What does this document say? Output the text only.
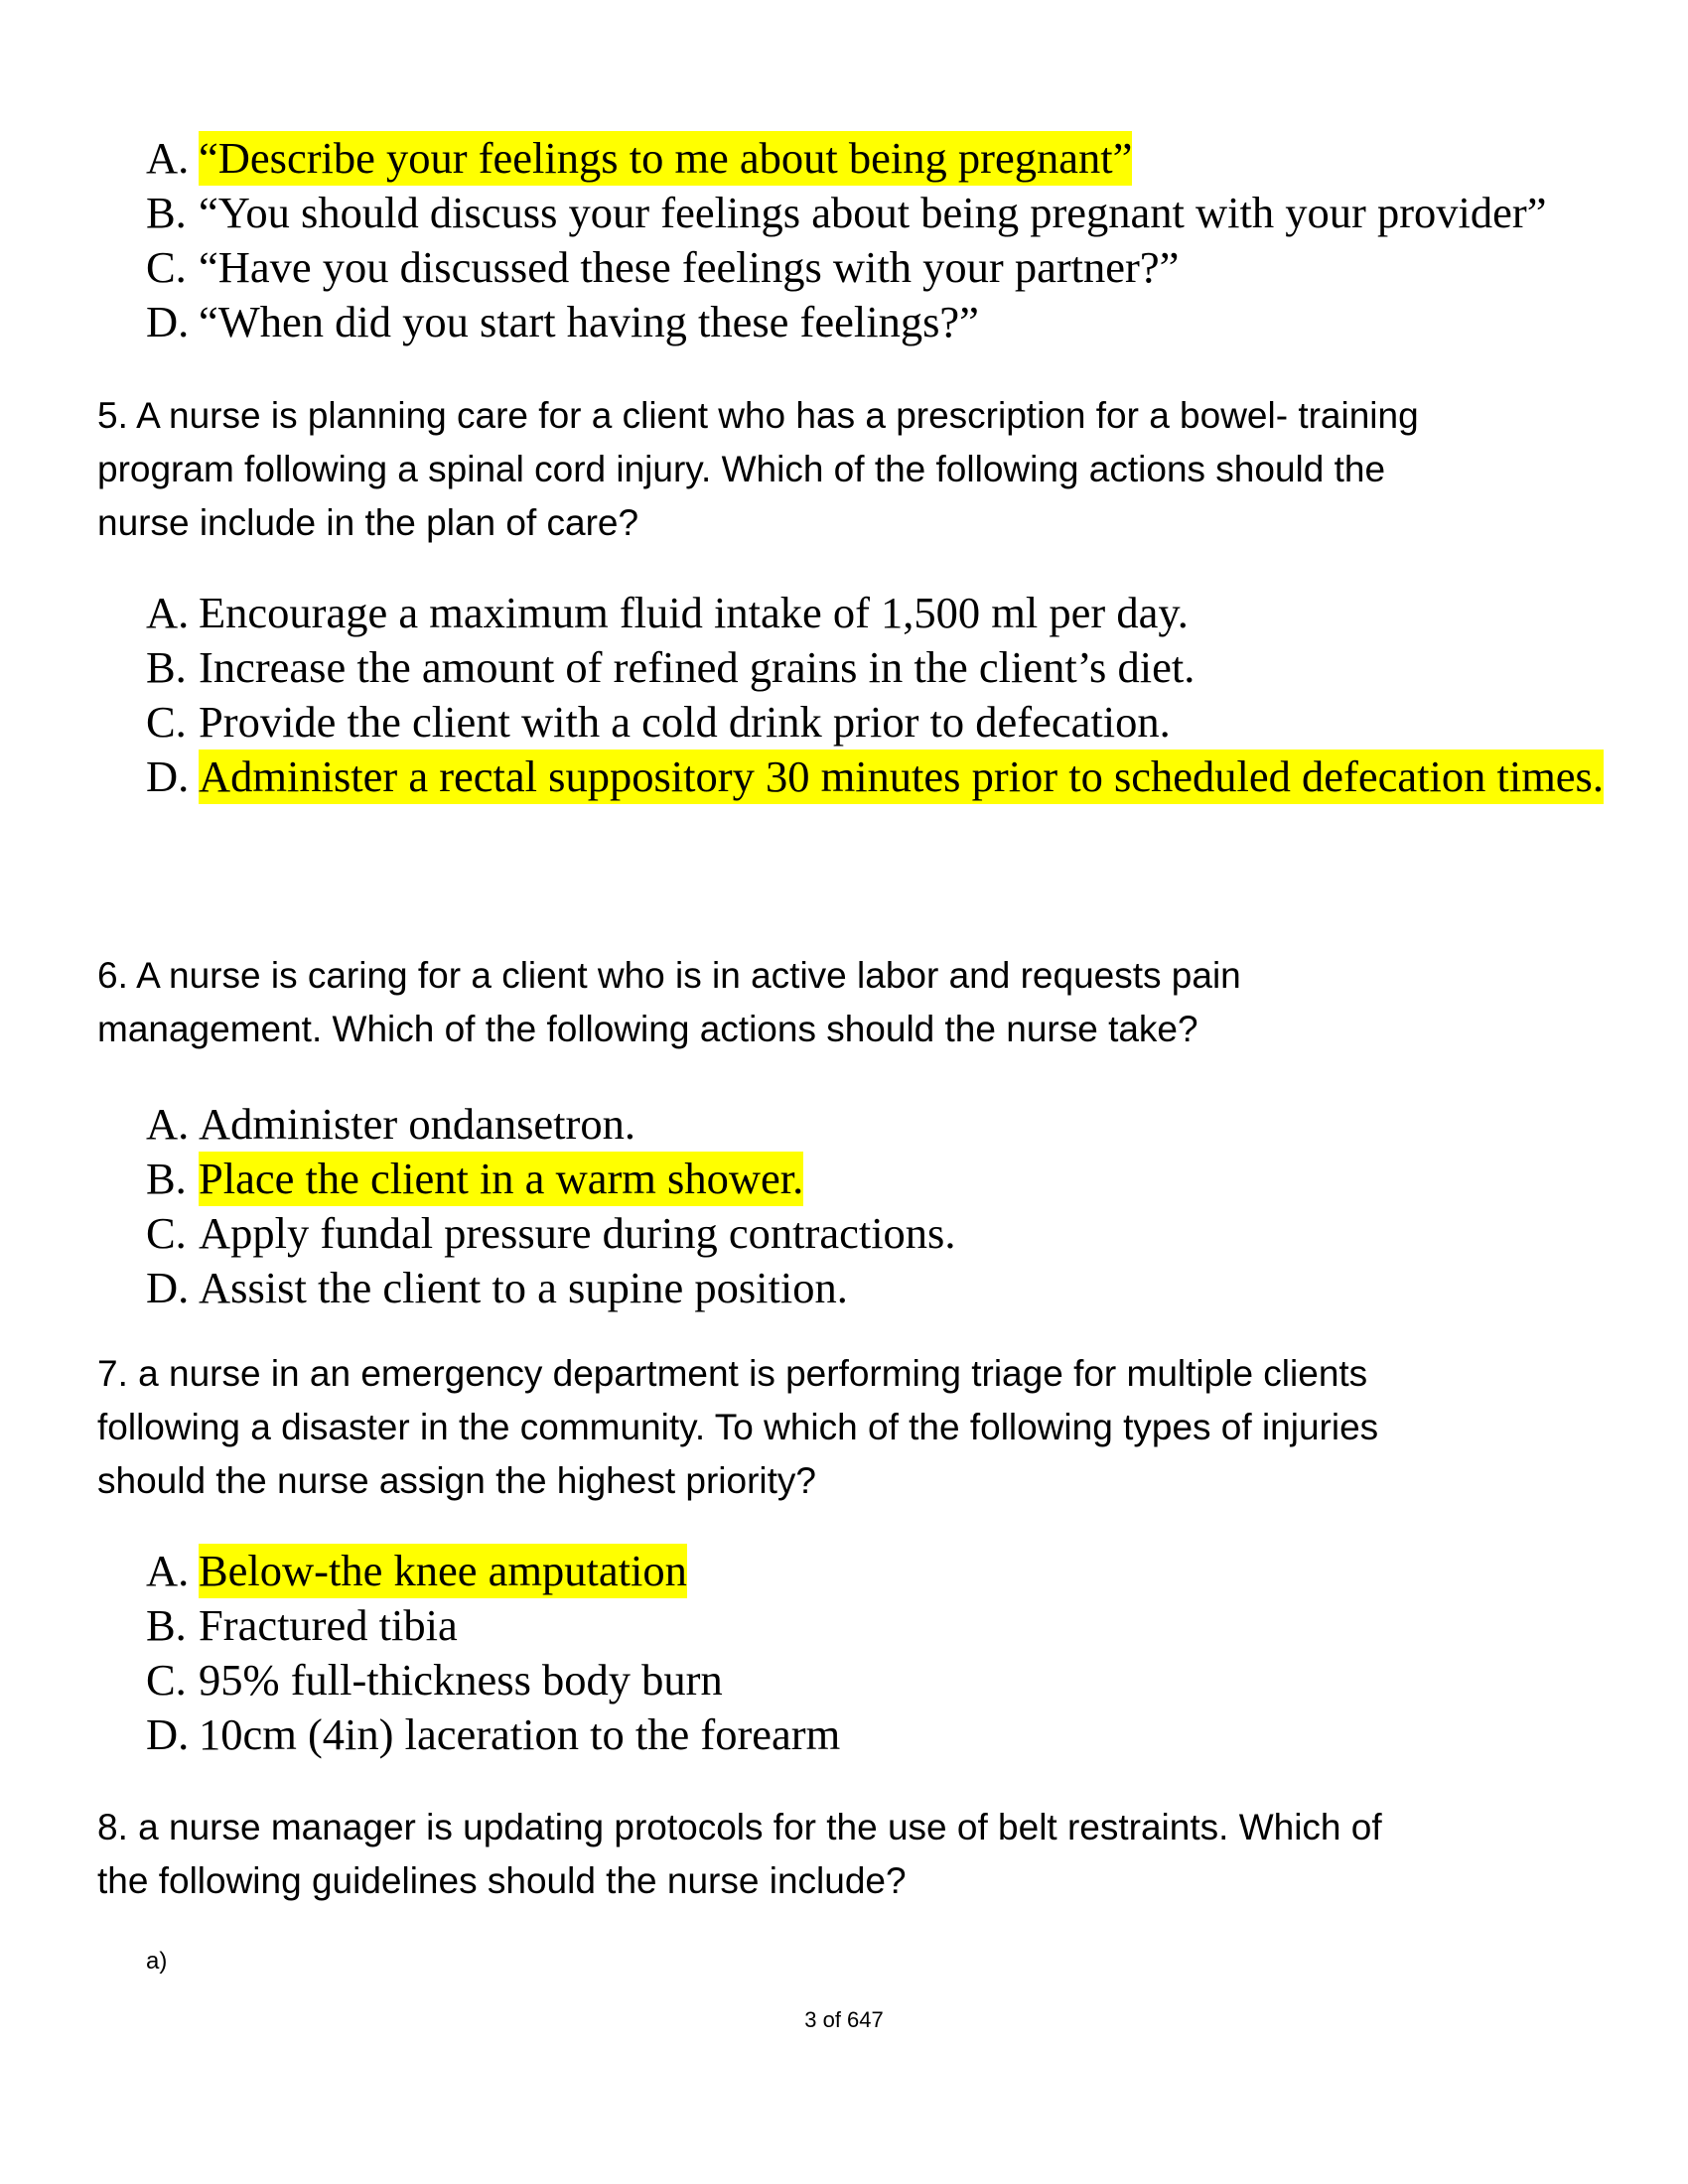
A. “Describe your feelings to me about being pregnant”
B. “You should discuss your feelings about being pregnant with your provider”
C. “Have you discussed these feelings with your partner?”
D. “When did you start having these feelings?”

5. A nurse is planning care for a client who has a prescription for a bowel- training
program following a spinal cord injury. Which of the following actions should the
nurse include in the plan of care?

A. Encourage a maximum fluid intake of 1,500 ml per day.
B. Increase the amount of refined grains in the client’s diet.
C. Provide the client with a cold drink prior to defecation.
D. Administer a rectal suppository 30 minutes prior to scheduled defecation times.

6. A nurse is caring for a client who is in active labor and requests pain
management. Which of the following actions should the nurse take?

A. Administer ondansetron.
B. Place the client in a warm shower.
C. Apply fundal pressure during contractions.
D. Assist the client to a supine position.

7. a nurse in an emergency department is performing triage for multiple clients
following a disaster in the community. To which of the following types of injuries
should the nurse assign the highest priority?

A. Below-the knee amputation
B. Fractured tibia
C. 95% full-thickness body burn
D. 10cm (4in) laceration to the forearm

8. a nurse manager is updating protocols for the use of belt restraints. Which of
the following guidelines should the nurse include?

a)
3 of 647
